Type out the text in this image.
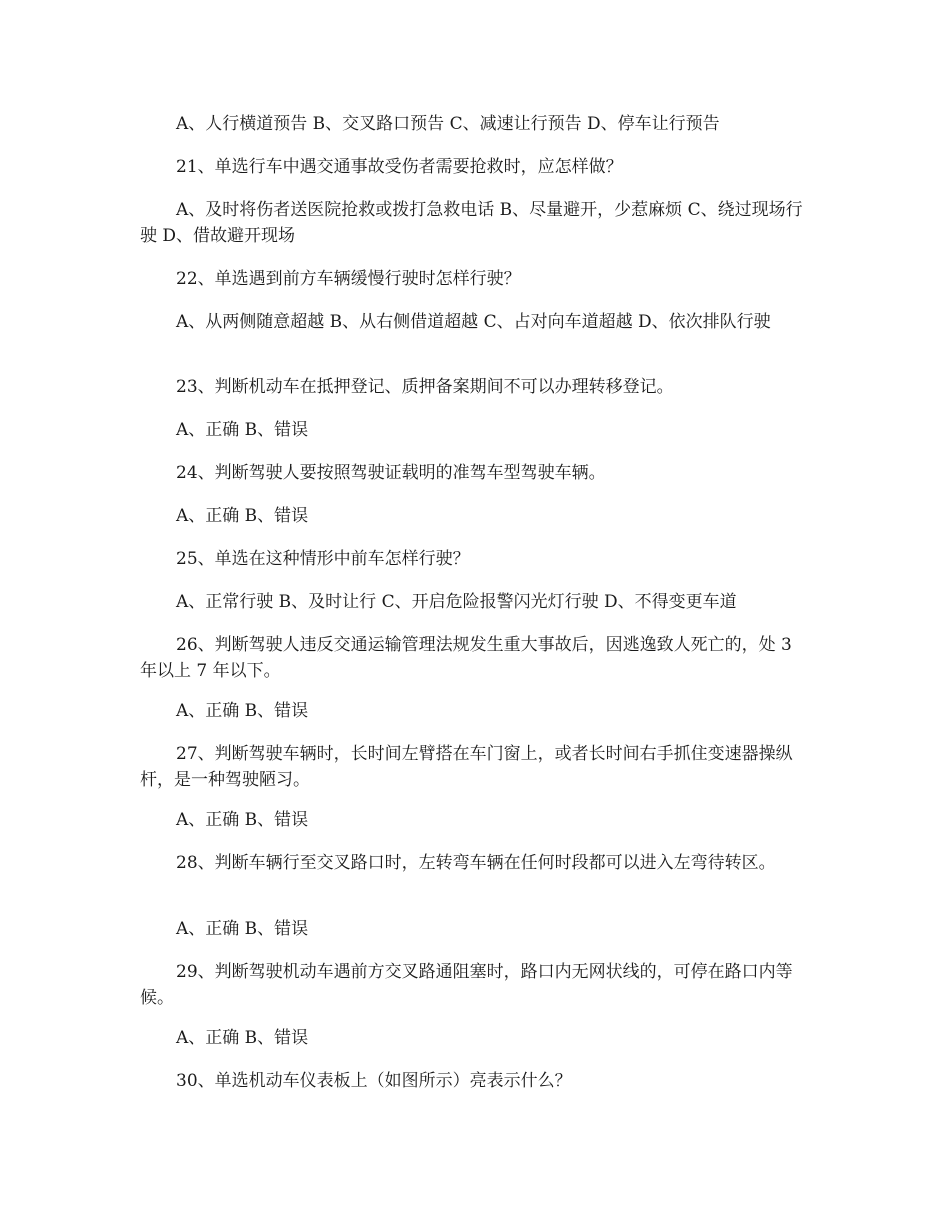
A、人行横道预告 B、交叉路口预告 C、减速让行预告 D、停车让行预告

21、单选行车中遇交通事故受伤者需要抢救时，应怎样做？

A、及时将伤者送医院抢救或拨打急救电话 B、尽量避开，少惹麻烦 C、绕过现场行驶 D、借故避开现场

22、单选遇到前方车辆缓慢行驶时怎样行驶？

A、从两侧随意超越 B、从右侧借道超越 C、占对向车道超越 D、依次排队行驶

23、判断机动车在抵押登记、质押备案期间不可以办理转移登记。

A、正确 B、错误

24、判断驾驶人要按照驾驶证载明的准驾车型驾驶车辆。

A、正确 B、错误

25、单选在这种情形中前车怎样行驶？

A、正常行驶 B、及时让行 C、开启危险报警闪光灯行驶 D、不得变更车道

26、判断驾驶人违反交通运输管理法规发生重大事故后，因逃逸致人死亡的，处 3 年以上 7 年以下。

A、正确 B、错误

27、判断驾驶车辆时，长时间左臂搭在车门窗上，或者长时间右手抓住变速器操纵杆，是一种驾驶陋习。

A、正确 B、错误

28、判断车辆行至交叉路口时，左转弯车辆在任何时段都可以进入左弯待转区。

A、正确 B、错误

29、判断驾驶机动车遇前方交叉路通阻塞时，路口内无网状线的，可停在路口内等候。

A、正确 B、错误

30、单选机动车仪表板上（如图所示）亮表示什么？
